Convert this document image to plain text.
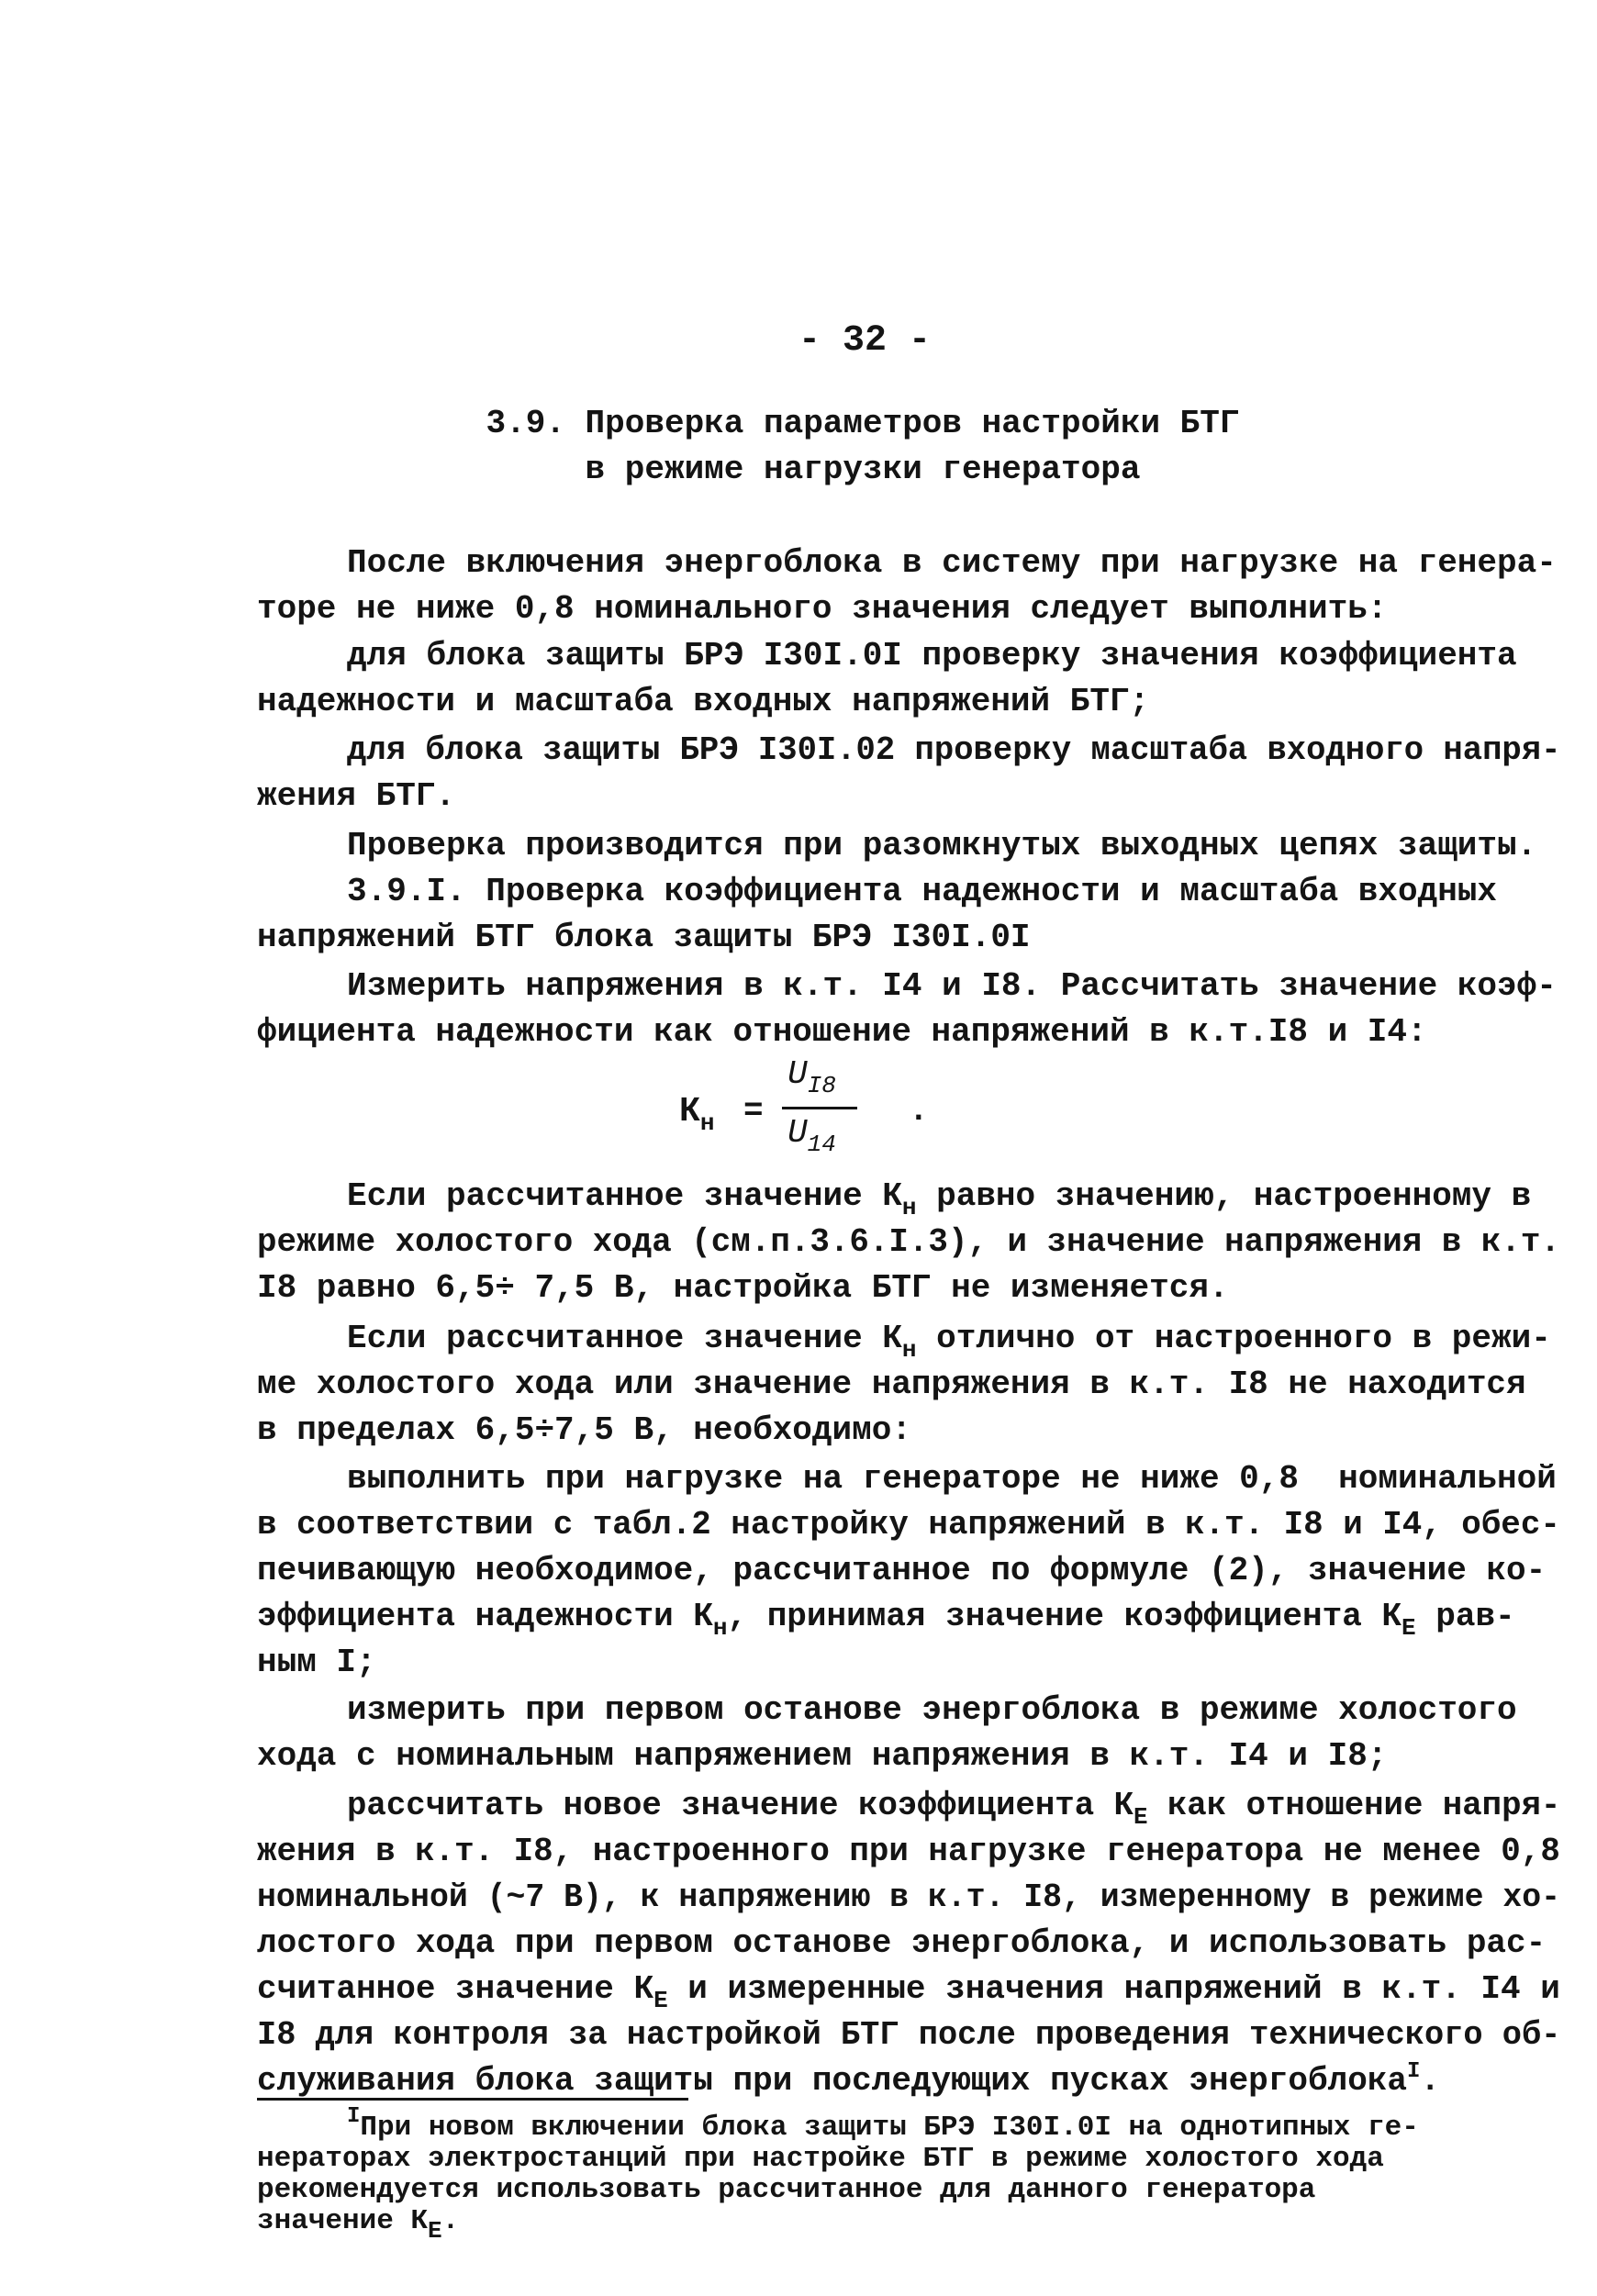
- 32 -
3.9. Проверка параметров настройки БТГ
в режиме нагрузки генератора
После включения энергоблока в систему при нагрузке на генера-
торе не ниже 0,8 номинального значения следует выполнить:
для блока защиты БРЭ I30I.0I проверку значения коэффициента
надежности и масштаба входных напряжений БТГ;
для блока защиты БРЭ I30I.02 проверку масштаба входного напря-
жения БТГ.
Проверка производится при разомкнутых выходных цепях защиты.
3.9.I. Проверка коэффициента надежности и масштаба входных
напряжений БТГ блока защиты БРЭ I30I.0I
Измерить напряжения в к.т. I4 и I8. Рассчитать значение коэф-
фициента надежности как отношение напряжений в к.т.I8 и I4:
$К_н$ =
$U_{I8}$
$U_{14}$
.
Если рассчитанное значение $К_н$ равно значению, настроенному в
режиме холостого хода (см.п.3.6.I.3), и значение напряжения в к.т.
I8 равно 6,5÷ 7,5 В, настройка БТГ не изменяется.
Если рассчитанное значение $К_н$ отлично от настроенного в режи-
ме холостого хода или значение напряжения в к.т. I8 не находится
в пределах 6,5÷7,5 В, необходимо:
выполнить при нагрузке на генераторе не ниже 0,8  номинальной
в соответствии с табл.2 настройку напряжений в к.т. I8 и I4, обес-
печивающую необходимое, рассчитанное по формуле (2), значение ко-
эффициента надежности $К_н$, принимая значение коэффициента $К_Е$ рав-
ным I;
измерить при первом останове энергоблока в режиме холостого
хода с номинальным напряжением напряжения в к.т. I4 и I8;
рассчитать новое значение коэффициента $К_Е$ как отношение напря-
жения в к.т. I8, настроенного при нагрузке генератора не менее 0,8
номинальной (~7 В), к напряжению в к.т. I8, измеренному в режиме хо-
лостого хода при первом останове энергоблока, и использовать рас-
считанное значение $К_Е$ и измеренные значения напряжений в к.т. I4 и
I8 для контроля за настройкой БТГ после проведения технического об-
служивания блока защиты при последующих пусках энергоблока$^I$.
$^I$При новом включении блока защиты БРЭ I30I.0I на однотипных ге-
нераторах электростанций при настройке БТГ в режиме холостого хода
рекомендуется использовать рассчитанное для данного генератора
значение $К_Е$.
